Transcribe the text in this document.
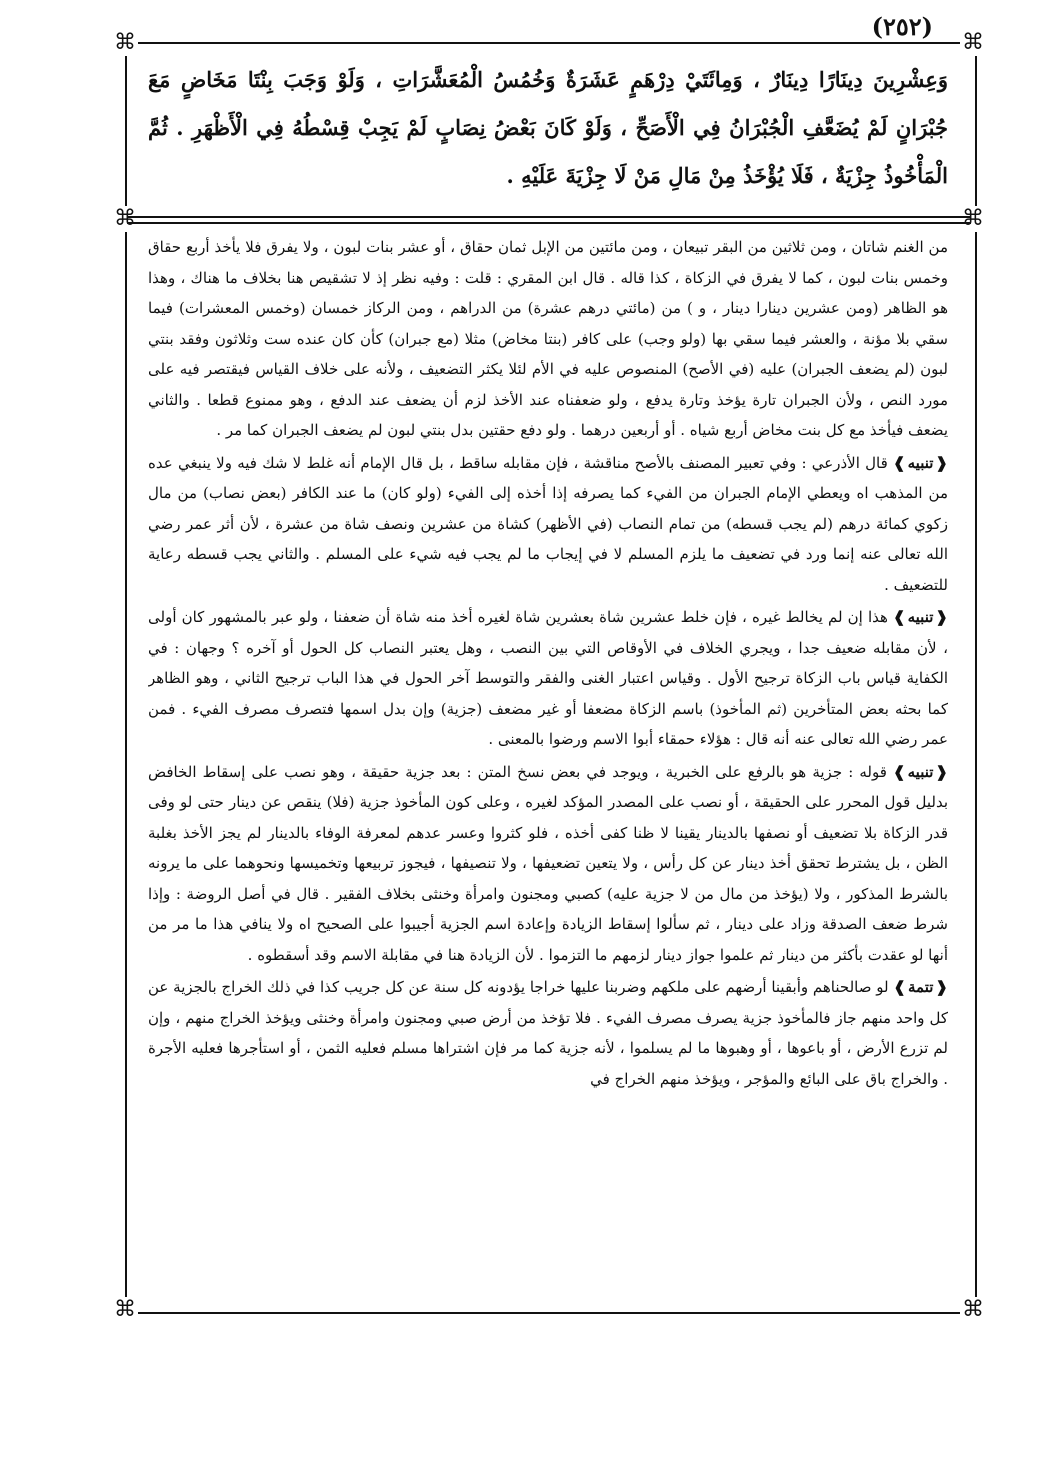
(٢٥٢)
⌘	⌘
⌘	⌘
⌘	⌘
وَعِشْرِينَ دِينَارًا دِينَارٌ ، وَمِائَتَيْ دِرْهَمٍ عَشَرَةٌ وَخُمُسُ الْمُعَشَّرَاتِ ، وَلَوْ وَجَبَ بِنْتَا مَخَاضٍ مَعَ جُبْرَانٍ لَمْ يُضَعَّفِ الْجُبْرَانُ فِي الْأَصَحِّ ، وَلَوْ كَانَ بَعْضُ نِصَابٍ لَمْ يَجِبْ قِسْطُهُ فِي الْأَظْهَرِ . ثُمَّ الْمَأْخُوذُ جِزْيَةٌ ، فَلَا يُؤْخَذُ مِنْ مَالِ مَنْ لَا جِزْيَةَ عَلَيْهِ .

من الغنم شاتان ، ومن ثلاثين من البقر تبيعان ، ومن مائتين من الإبل ثمان حقاق ، أو عشر بنات لبون ، ولا يفرق فلا يأخذ أربع حقاق وخمس بنات لبون ، كما لا يفرق في الزكاة ، كذا قاله . قال ابن المقري : قلت : وفيه نظر إذ لا تشقيص هنا بخلاف ما هناك ، وهذا هو الظاهر (ومن عشرين دينارا دينار ، و ) من (مائتي درهم عشرة) من الدراهم ، ومن الركاز خمسان (وخمس المعشرات) فيما سقي بلا مؤنة ، والعشر فيما سقي بها (ولو وجب) على كافر (بنتا مخاض) مثلا (مع جبران) كأن كان عنده ست وثلاثون وفقد بنتي لبون (لم يضعف الجبران) عليه (في الأصح) المنصوص عليه في الأم لئلا يكثر التضعيف ، ولأنه على خلاف القياس فيقتصر فيه على مورد النص ، ولأن الجبران تارة يؤخذ وتارة يدفع ، ولو ضعفناه عند الأخذ لزم أن يضعف عند الدفع ، وهو ممنوع قطعا . والثاني يضعف فيأخذ مع كل بنت مخاض أربع شياه . أو أربعين درهما . ولو دفع حقتين بدل بنتي لبون لم يضعف الجبران كما مر .

❰ تنبيه ❱ قال الأذرعي : وفي تعبير المصنف بالأصح مناقشة ، فإن مقابله ساقط ، بل قال الإمام أنه غلط لا شك فيه ولا ينبغي عده من المذهب اه ويعطي الإمام الجبران من الفيء كما يصرفه إذا أخذه إلى الفيء (ولو كان) ما عند الكافر (بعض نصاب) من مال زكوي كمائة درهم (لم يجب قسطه) من تمام النصاب (في الأظهر) كشاة من عشرين ونصف شاة من عشرة ، لأن أثر عمر رضي الله تعالى عنه إنما ورد في تضعيف ما يلزم المسلم لا في إيجاب ما لم يجب فيه شيء على المسلم . والثاني يجب قسطه رعاية للتضعيف .

❰ تنبيه ❱ هذا إن لم يخالط غيره ، فإن خلط عشرين شاة بعشرين شاة لغيره أخذ منه شاة أن ضعفنا ، ولو عبر بالمشهور كان أولى ، لأن مقابله ضعيف جدا ، ويجري الخلاف في الأوقاص التي بين النصب ، وهل يعتبر النصاب كل الحول أو آخره ؟ وجهان : في الكفاية قياس باب الزكاة ترجيح الأول . وقياس اعتبار الغنى والفقر والتوسط آخر الحول في هذا الباب ترجيح الثاني ، وهو الظاهر كما بحثه بعض المتأخرين (ثم المأخوذ) باسم الزكاة مضعفا أو غير مضعف (جزية) وإن بدل اسمها فتصرف مصرف الفيء . فمن عمر رضي الله تعالى عنه أنه قال : هؤلاء حمقاء أبوا الاسم ورضوا بالمعنى .

❰ تنبيه ❱ قوله : جزية هو بالرفع على الخبرية ، ويوجد في بعض نسخ المتن : بعد جزية حقيقة ، وهو نصب على إسقاط الخافض بدليل قول المحرر على الحقيقة ، أو نصب على المصدر المؤكد لغيره ، وعلى كون المأخوذ جزية (فلا) ينقص عن دينار حتى لو وفى قدر الزكاة بلا تضعيف أو نصفها بالدينار يقينا لا ظنا كفى أخذه ، فلو كثروا وعسر عدهم لمعرفة الوفاء بالدينار لم يجز الأخذ بغلبة الظن ، بل يشترط تحقق أخذ دينار عن كل رأس ، ولا يتعين تضعيفها ، ولا تنصيفها ، فيجوز تربيعها وتخميسها ونحوهما على ما يرونه بالشرط المذكور ، ولا (يؤخذ من مال من لا جزية عليه) كصبي ومجنون وامرأة وخنثى بخلاف الفقير . قال في أصل الروضة : وإذا شرط ضعف الصدقة وزاد على دينار ، ثم سألوا إسقاط الزيادة وإعادة اسم الجزية أجيبوا على الصحيح اه ولا ينافي هذا ما مر من أنها لو عقدت بأكثر من دينار ثم علموا جواز دينار لزمهم ما التزموا . لأن الزيادة هنا في مقابلة الاسم وقد أسقطوه .

❰ تتمة ❱ لو صالحناهم وأبقينا أرضهم على ملكهم وضربنا عليها خراجا يؤدونه كل سنة عن كل جريب كذا في ذلك الخراج بالجزية عن كل واحد منهم جاز فالمأخوذ جزية يصرف مصرف الفيء . فلا تؤخذ من أرض صبي ومجنون وامرأة وخنثى ويؤخذ الخراج منهم ، وإن لم تزرع الأرض ، أو باعوها ، أو وهبوها ما لم يسلموا ، لأنه جزية كما مر فإن اشتراها مسلم فعليه الثمن ، أو استأجرها فعليه الأجرة . والخراج باق على البائع والمؤجر ، ويؤخذ منهم الخراج في
